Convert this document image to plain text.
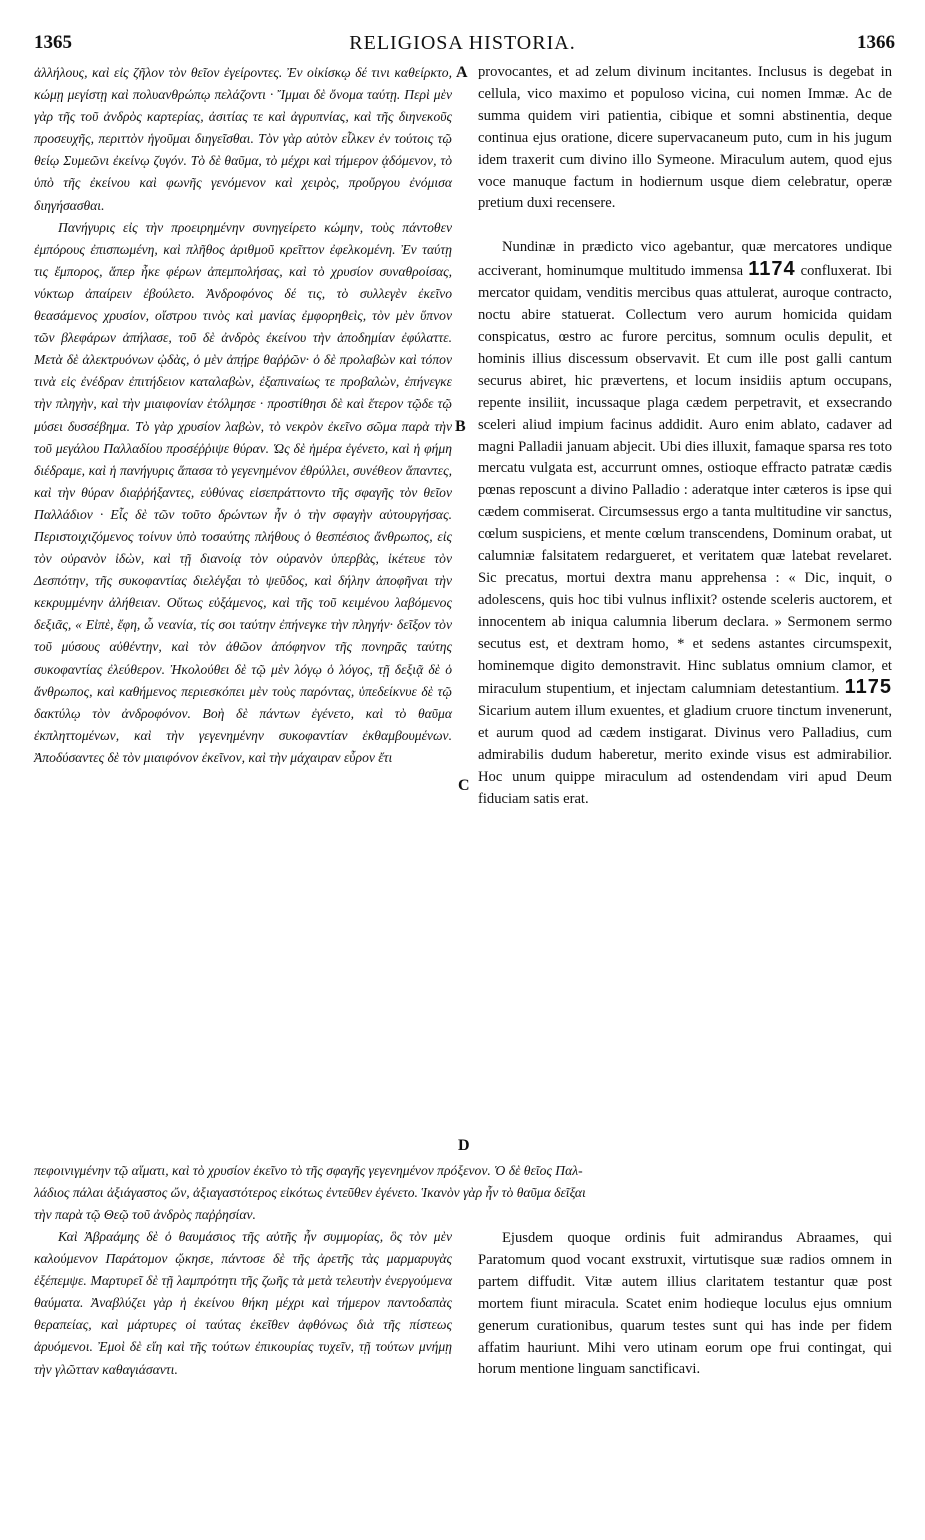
1365	RELIGIOSA HISTORIA.	1366
A
B
C
D

ἀλλήλους, καὶ εἰς ζῆλον τὸν θεῖον ἐγείροντες. Ἐν οἰκίσκῳ δέ τινι καθείρκτο, κώμῃ μεγίστῃ καὶ πολυανθρώπῳ πελάζοντι · Ἴμμαι δὲ ὄνομα ταύτῃ. Περὶ μὲν γὰρ τῆς τοῦ ἀνδρὸς καρτερίας, ἀσιτίας τε καὶ ἀγρυπνίας, καὶ τῆς διηνεκοῦς προσευχῆς, περιττὸν ἡγοῦμαι διηγεῖσθαι. Τὸν γὰρ αὐτὸν εἶλκεν ἐν τούτοις τῷ θείῳ Συμεῶνι ἐκείνῳ ζυγόν. Τὸ δὲ θαῦμα, τὸ μέχρι καὶ τήμερον ᾀδόμενον, τὸ ὑπὸ τῆς ἐκείνου καὶ φωνῆς γενόμενον καὶ χειρὸς, προὔργου ἐνόμισα διηγήσασθαι.

Πανήγυρις εἰς τὴν προειρημένην συνηγείρετο κώμην, τοὺς πάντοθεν ἐμπόρους ἐπισπωμένη, καὶ πλῆθος ἀριθμοῦ κρεῖττον ἐφελκομένη. Ἐν ταύτῃ τις ἔμπορος, ἅπερ ἧκε φέρων ἀπεμπολήσας, καὶ τὸ χρυσίον συναθροίσας, νύκτωρ ἀπαίρειν ἐβούλετο. Ἀνδροφόνος δέ τις, τὸ συλλεγὲν ἐκεῖνο θεασάμενος χρυσίον, οἴστρου τινὸς καὶ μανίας ἐμφορηθεὶς, τὸν μὲν ὕπνον τῶν βλεφάρων ἀπήλασε, τοῦ δὲ ἀνδρὸς ἐκείνου τὴν ἀποδημίαν ἐφύλαττε. Μετὰ δὲ ἀλεκτρυόνων ᾠδὰς, ὁ μὲν ἀπῄρε θαῤῥῶν· ὁ δὲ προλαβὼν καὶ τόπον τινὰ εἰς ἐνέδραν ἐπιτήδειον καταλαβὼν, ἐξαπιναίως τε προβαλὼν, ἐπήνεγκε τὴν πληγὴν, καὶ τὴν μιαιφονίαν ἐτόλμησε · προστίθησι δὲ καὶ ἕτερον τῷδε τῷ μύσει δυσσέβημα. Τὸ γὰρ χρυσίον λαβὼν, τὸ νεκρὸν ἐκεῖνο σῶμα παρὰ τὴν τοῦ μεγάλου Παλλαδίου προσέῤῥιψε θύραν. Ὡς δὲ ἡμέρα ἐγένετο, καὶ ἡ φήμη διέδραμε, καὶ ἡ πανήγυρις ἅπασα τὸ γεγενημένον ἐθρύλλει, συνέθεον ἅπαντες, καὶ τὴν θύραν διαῤῥήξαντες, εὐθύνας εἰσεπράττοντο τῆς σφαγῆς τὸν θεῖον Παλλάδιον · Εἷς δὲ τῶν τοῦτο δρώντων ἦν ὁ τὴν σφαγὴν αὐτουργήσας. Περιστοιχιζόμενος τοίνυν ὑπὸ τοσαύτης πλήθους ὁ θεσπέσιος ἄνθρωπος, εἰς τὸν οὐρανὸν ἰδὼν, καὶ τῇ διανοίᾳ τὸν οὐρανὸν ὑπερβὰς, ἱκέτευε τὸν Δεσπότην, τῆς συκοφαντίας διελέγξαι τὸ ψεῦδος, καὶ δήλην ἀποφῆναι τὴν κεκρυμμένην ἀλήθειαν. Οὕτως εὐξάμενος, καὶ τῆς τοῦ κειμένου λαβόμενος δεξιᾶς, « Εἰπὲ, ἔφη, ὦ νεανία, τίς σοι ταύτην ἐπήνεγκε τὴν πληγήν· δεῖξον τὸν τοῦ μύσους αὐθέντην, καὶ τὸν ἀθῶον ἀπόφηνον τῆς πονηρᾶς ταύτης συκοφαντίας ἐλεύθερον. Ἠκολούθει δὲ τῷ μὲν λόγῳ ὁ λόγος, τῇ δεξιᾷ δὲ ὁ ἄνθρωπος, καὶ καθήμενος περιεσκόπει μὲν τοὺς παρόντας, ὑπεδείκνυε δὲ τῷ δακτύλῳ τὸν ἀνδροφόνον. Βοὴ δὲ πάντων ἐγένετο, καὶ τὸ θαῦμα ἐκπληττομένων, καὶ τὴν γεγενημένην συκοφαντίαν ἐκθαμβουμένων. Ἀποδύσαντες δὲ τὸν μιαιφόνον ἐκεῖνον, καὶ τὴν μάχαιραν εὗρον ἔτι

provocantes, et ad zelum divinum incitantes. Inclusus is degebat in cellula, vico maximo et populoso vicina, cui nomen Immæ. Ac de summa quidem viri patientia, cibique et somni abstinentia, deque continua ejus oratione, dicere supervacaneum puto, cum in his jugum idem traxerit cum divino illo Symeone. Miraculum autem, quod ejus voce manuque factum in hodiernum usque diem celebratur, operæ pretium duxi recensere.

Nundinæ in prædicto vico agebantur, quæ mercatores undique acciverant, hominumque multitudo immensa 1174 confluxerat. Ibi mercator quidam, venditis mercibus quas attulerat, auroque contracto, noctu abire statuerat. Collectum vero aurum homicida quidam conspicatus, œstro ac furore percitus, somnum oculis depulit, et hominis illius discessum observavit. Et cum ille post galli cantum securus abiret, hic prævertens, et locum insidiis aptum occupans, repente insiliit, incussaque plaga cædem perpetravit, et exsecrando sceleri aliud impium facinus addidit. Auro enim ablato, cadaver ad magni Palladii januam abjecit. Ubi dies illuxit, famaque sparsa res toto mercatu vulgata est, accurrunt omnes, ostioque effracto patratæ cædis pœnas reposcunt a divino Palladio : aderatque inter cæteros is ipse qui cædem commiserat. Circumsessus ergo a tanta multitudine vir sanctus, cœlum suspiciens, et mente cœlum transcendens, Dominum orabat, ut calumniæ falsitatem redargueret, et veritatem quæ latebat revelaret. Sic precatus, mortui dextra manu apprehensa : « Dic, inquit, o adolescens, quis hoc tibi vulnus inflixit? ostende sceleris auctorem, et innocentem ab iniqua calumnia liberum declara. » Sermonem sermo secutus est, et dextram homo, * et sedens astantes circumspexit, hominemque digito demonstravit. Hinc sublatus omnium clamor, et miraculum stupentium, et injectam calumniam detestantium. 1175 Sicarium autem illum exuentes, et gladium cruore tinctum invenerunt, et aurum quod ad cædem instigarat. Divinus vero Palladius, cum admirabilis dudum haberetur, merito exinde visus est admirabilior. Hoc unum quippe miraculum ad ostendendam viri apud Deum fiduciam satis erat.

πεφοινιγμένην τῷ αἵματι, καὶ τὸ χρυσίον ἐκεῖνο τὸ τῆς σφαγῆς γεγενημένον πρόξενον. Ὁ δὲ θεῖος Παλ-
λάδιος πάλαι ἀξιάγαστος ὤν, ἀξιαγαστότερος εἰκότως ἐντεῦθεν ἐγένετο. Ἱκανὸν γὰρ ἦν τὸ θαῦμα δεῖξαι
τὴν παρὰ τῷ Θεῷ τοῦ ἀνδρὸς παῤῥησίαν.

Καὶ Ἀβραάμης δὲ ὁ θαυμάσιος τῆς αὐτῆς ἦν συμμορίας, ὃς τὸν μὲν καλούμενον Παράτομον ᾤκησε, πάντοσε δὲ τῆς ἀρετῆς τὰς μαρμαρυγὰς ἐξέπεμψε. Μαρτυρεῖ δὲ τῇ λαμπρότητι τῆς ζωῆς τὰ μετὰ τελευτὴν ἐνεργούμενα θαύματα. Ἀναβλύζει γὰρ ἡ ἐκείνου θήκη μέχρι καὶ τήμερον παντοδαπὰς θεραπείας, καὶ μάρτυρες οἱ ταύτας ἐκεῖθεν ἀφθόνως διὰ τῆς πίστεως ἀρυόμενοι. Ἐμοὶ δὲ εἴη καὶ τῆς τούτων ἐπικουρίας τυχεῖν, τῇ τούτων μνήμῃ τὴν γλῶτταν καθαγιάσαντι.

Ejusdem quoque ordinis fuit admirandus Abraames, qui Paratomum quod vocant exstruxit, virtutisque suæ radios omnem in partem diffudit. Vitæ autem illius claritatem testantur quæ post mortem fiunt miracula. Scatet enim hodieque loculus ejus omnium generum curationibus, quarum testes sunt qui has inde per fidem affatim hauriunt. Mihi vero utinam eorum ope frui contingat, qui horum mentione linguam sanctificavi.
